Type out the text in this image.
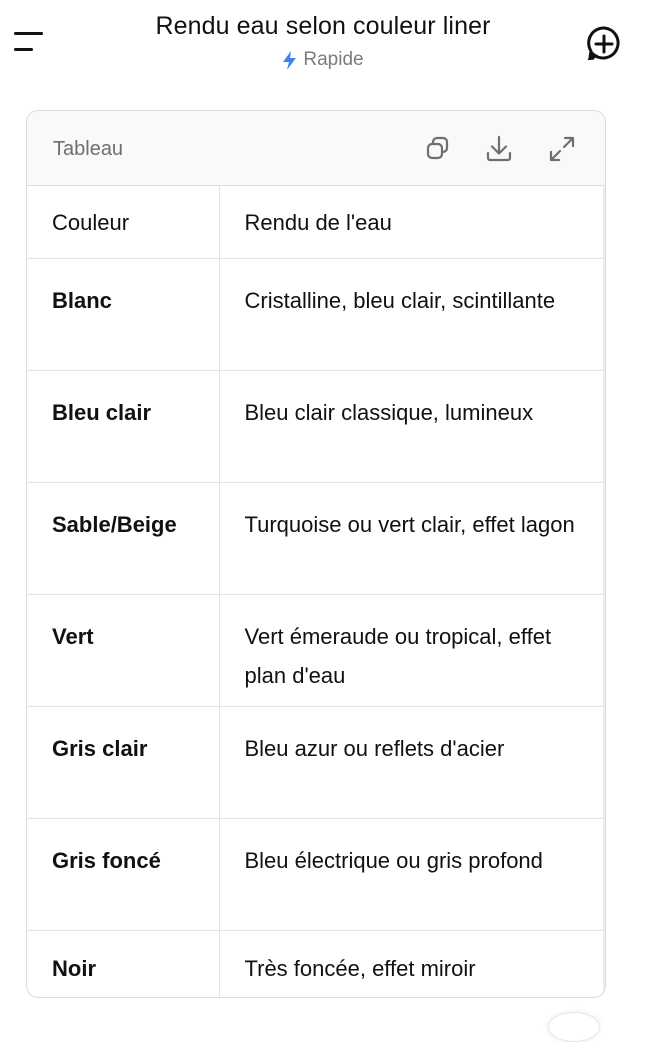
Rendu eau selon couleur liner
Rapide
Tableau
Couleur	Rendu de l'eau
Blanc	Cristalline, bleu clair, scintillante
Bleu clair	Bleu clair classique, lumineux
Sable/Beige	Turquoise ou vert clair, effet lagon
Vert	Vert émeraude ou tropical, effet plan d'eau
Gris clair	Bleu azur ou reflets d'acier
Gris foncé	Bleu électrique ou gris profond
Noir	Très foncée, effet miroir
